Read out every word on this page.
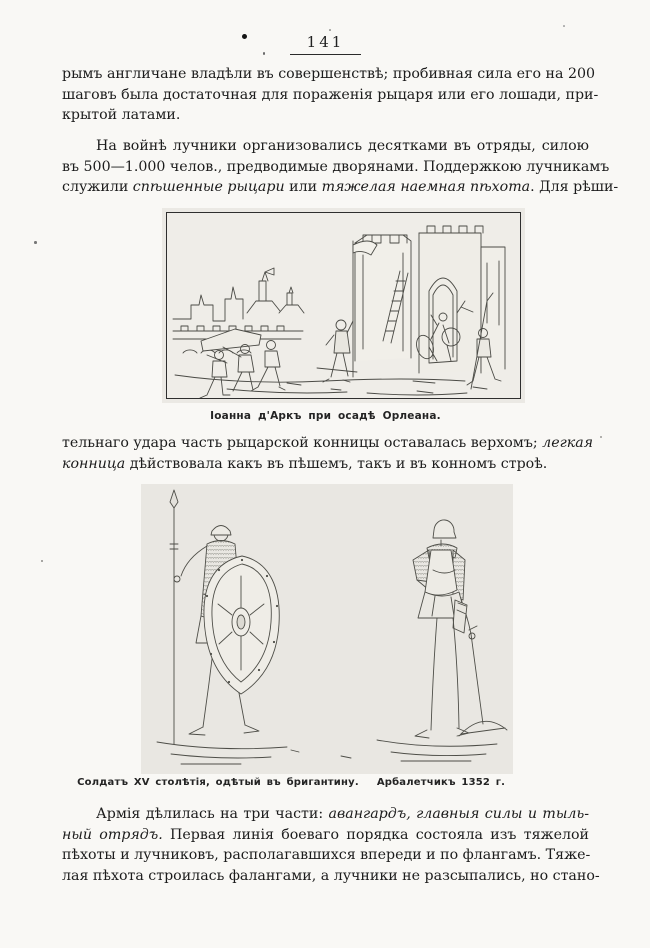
141
рымъ англичане владѣли въ совершенствѣ; пробивная сила его на 200
шаговъ была достаточная для пораженія рыцаря или его лошади, при-
крытой латами.
На войнѣ лучники организовались десятками въ отряды, силою
въ 500—1.000 челов., предводимые дворянами. Поддержкою лучникамъ
служили спѣшенные рыцари или тяжелая наемная пѣхота. Для рѣши-
Іоанна д'Аркъ при осадѣ Орлеана.
тельнаго удара часть рыцарской конницы оставалась верхомъ; легкая
конница дѣйствовала какъ въ пѣшемъ, такъ и въ конномъ строѣ.
Солдатъ XV столѣтія, одѣтый въ бригантину.	Арбалетчикъ 1352 г.
Армія дѣлилась на три части: авангардъ, главныя силы и тыль-
ный отрядъ. Первая линія боеваго порядка состояла изъ тяжелой
пѣхоты и лучниковъ, располагавшихся впереди и по флангамъ. Тяже-
лая пѣхота строилась фалангами, а лучники не разсыпались, но стано-
